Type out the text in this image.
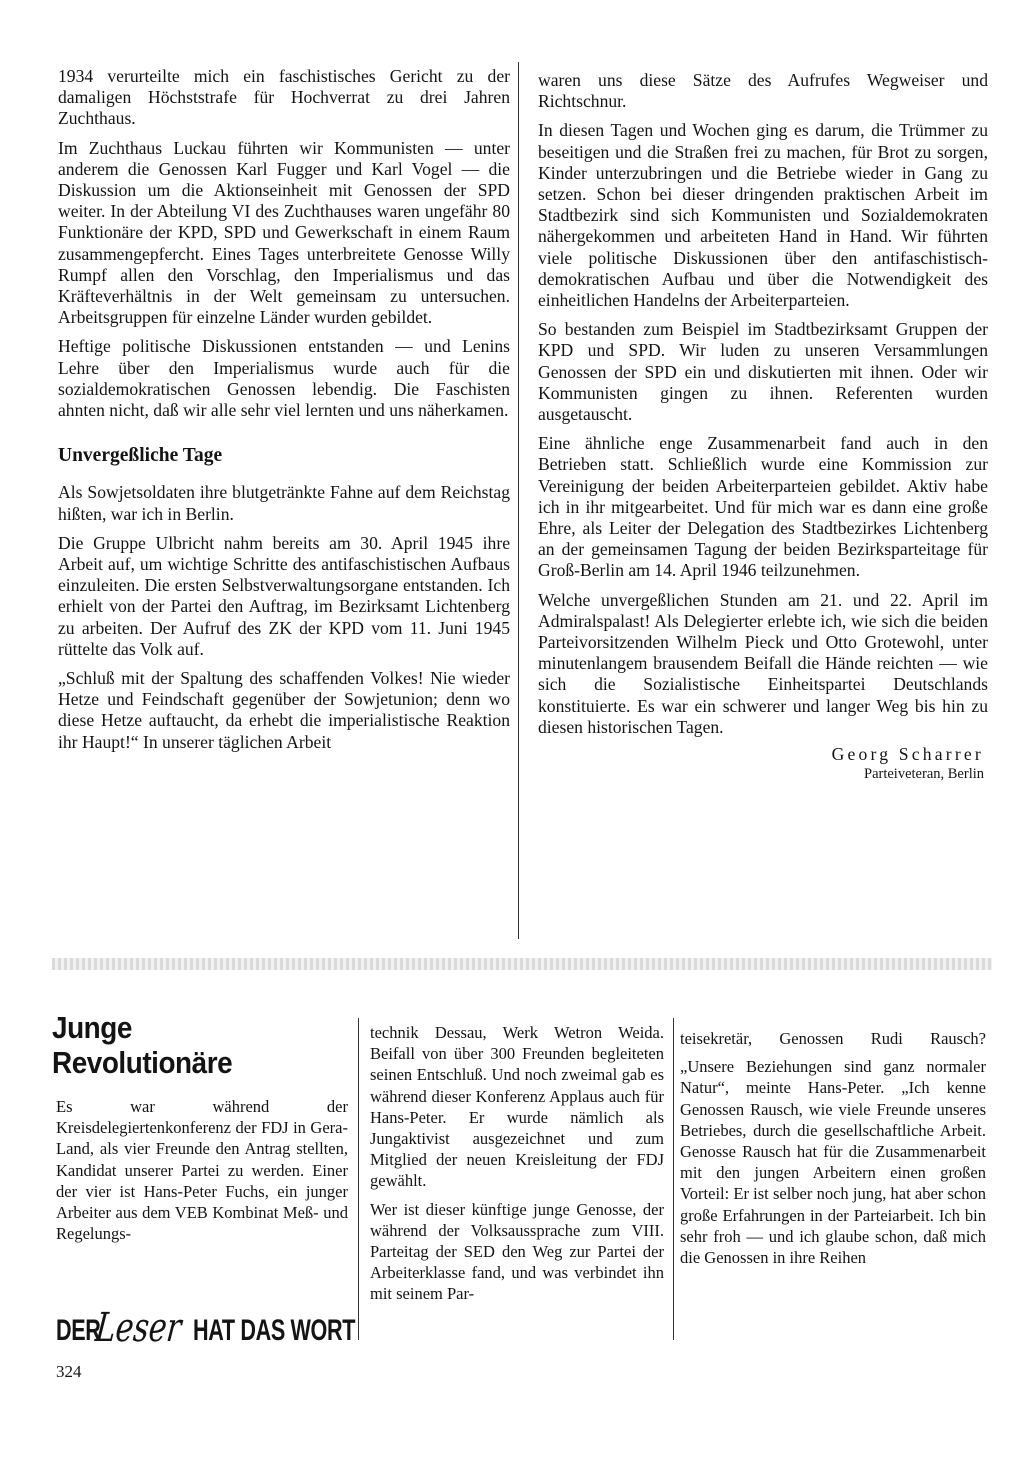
1934 verurteilte mich ein faschistisches Gericht zu der damaligen Höchststrafe für Hochverrat zu drei Jahren Zuchthaus.

Im Zuchthaus Luckau führten wir Kommunisten — unter anderem die Genossen Karl Fugger und Karl Vogel — die Diskussion um die Aktionseinheit mit Genossen der SPD weiter. In der Abteilung VI des Zuchthauses waren ungefähr 80 Funktionäre der KPD, SPD und Gewerkschaft in einem Raum zusammengepfercht. Eines Tages unterbreitete Genosse Willy Rumpf allen den Vorschlag, den Imperialismus und das Kräfteverhältnis in der Welt gemeinsam zu untersuchen. Arbeitsgruppen für einzelne Länder wurden gebildet.

Heftige politische Diskussionen entstanden — und Lenins Lehre über den Imperialismus wurde auch für die sozialdemokratischen Genossen lebendig. Die Faschisten ahnten nicht, daß wir alle sehr viel lernten und uns näherkamen.

Unvergeßliche Tage

Als Sowjetsoldaten ihre blutgetränkte Fahne auf dem Reichstag hißten, war ich in Berlin.

Die Gruppe Ulbricht nahm bereits am 30. April 1945 ihre Arbeit auf, um wichtige Schritte des antifaschistischen Aufbaus einzuleiten. Die ersten Selbstverwaltungsorgane entstanden. Ich erhielt von der Partei den Auftrag, im Bezirksamt Lichtenberg zu arbeiten. Der Aufruf des ZK der KPD vom 11. Juni 1945 rüttelte das Volk auf.

„Schluß mit der Spaltung des schaffenden Volkes! Nie wieder Hetze und Feindschaft gegenüber der Sowjetunion; denn wo diese Hetze auftaucht, da erhebt die imperialistische Reaktion ihr Haupt!“ In unserer täglichen Arbeit

waren uns diese Sätze des Aufrufes Wegweiser und Richtschnur.

In diesen Tagen und Wochen ging es darum, die Trümmer zu beseitigen und die Straßen frei zu machen, für Brot zu sorgen, Kinder unterzubringen und die Betriebe wieder in Gang zu setzen. Schon bei dieser dringenden praktischen Arbeit im Stadtbezirk sind sich Kommunisten und Sozialdemokraten nähergekommen und arbeiteten Hand in Hand. Wir führten viele politische Diskussionen über den antifaschistisch-demokratischen Aufbau und über die Notwendigkeit des einheitlichen Handelns der Arbeiterparteien.

So bestanden zum Beispiel im Stadtbezirksamt Gruppen der KPD und SPD. Wir luden zu unseren Versammlungen Genossen der SPD ein und diskutierten mit ihnen. Oder wir Kommunisten gingen zu ihnen. Referenten wurden ausgetauscht.

Eine ähnliche enge Zusammenarbeit fand auch in den Betrieben statt. Schließlich wurde eine Kommission zur Vereinigung der beiden Arbeiterparteien gebildet. Aktiv habe ich in ihr mitgearbeitet. Und für mich war es dann eine große Ehre, als Leiter der Delegation des Stadtbezirkes Lichtenberg an der gemeinsamen Tagung der beiden Bezirksparteitage für Groß-Berlin am 14. April 1946 teilzunehmen.

Welche unvergeßlichen Stunden am 21. und 22. April im Admiralspalast! Als Delegierter erlebte ich, wie sich die beiden Parteivorsitzenden Wilhelm Pieck und Otto Grotewohl, unter minutenlangem brausendem Beifall die Hände reichten — wie sich die Sozialistische Einheitspartei Deutschlands konstituierte. Es war ein schwerer und langer Weg bis hin zu diesen historischen Tagen.

Georg Scharrer

Parteiveteran, Berlin

Junge
Revolutionäre

Es war während der Kreisdelegiertenkonferenz der FDJ in Gera-Land, als vier Freunde den Antrag stellten, Kandidat unserer Partei zu werden. Einer der vier ist Hans-Peter Fuchs, ein junger Arbeiter aus dem VEB Kombinat Meß- und Regelungs-

technik Dessau, Werk Wetron Weida. Beifall von über 300 Freunden begleiteten seinen Entschluß. Und noch zweimal gab es während dieser Konferenz Applaus auch für Hans-Peter. Er wurde nämlich als Jungaktivist ausgezeichnet und zum Mitglied der neuen Kreisleitung der FDJ gewählt.

Wer ist dieser künftige junge Genosse, der während der Volksaussprache zum VIII. Parteitag der SED den Weg zur Partei der Arbeiterklasse fand, und was verbindet ihn mit seinem Par-

teisekretär, Genossen Rudi Rausch?

„Unsere Beziehungen sind ganz normaler Natur“, meinte Hans-Peter. „Ich kenne Genossen Rausch, wie viele Freunde unseres Betriebes, durch die gesellschaftliche Arbeit. Genosse Rausch hat für die Zusammenarbeit mit den jungen Arbeitern einen großen Vorteil: Er ist selber noch jung, hat aber schon große Erfahrungen in der Parteiarbeit. Ich bin sehr froh — und ich glaube schon, daß mich die Genossen in ihre Reihen

DER
Leser HAT DAS WORT
324
